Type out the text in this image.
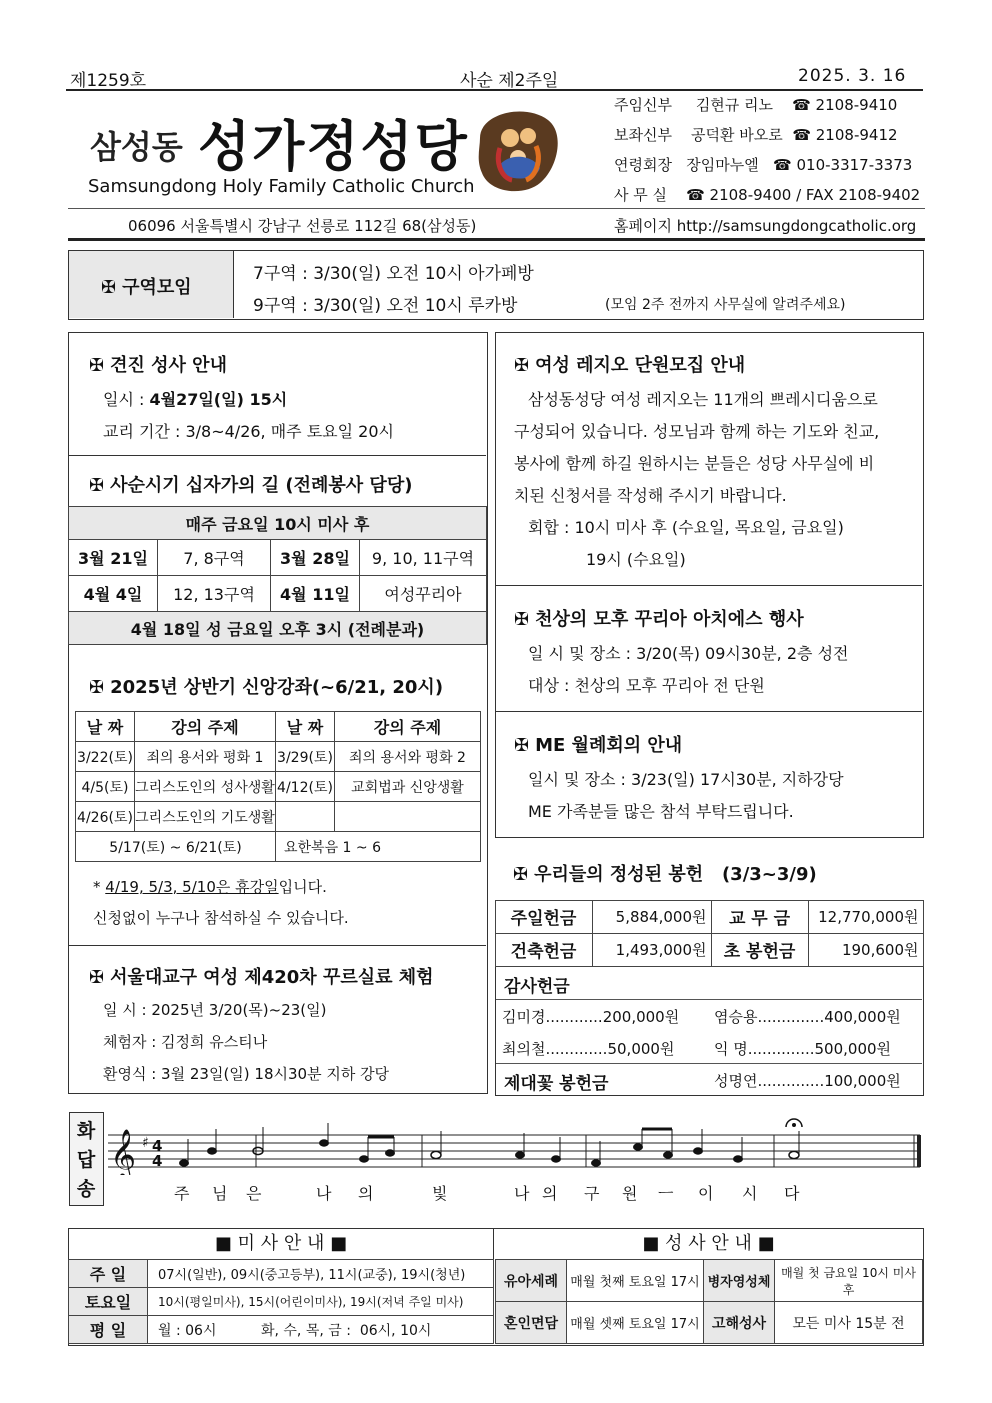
제1259호	사순 제2주일	2025. 3. 16
삼성동 성가정성당
Samsungdong Holy Family Catholic Church
06096 서울특별시 강남구 선릉로 112길 68(삼성동)	홈페이지 http://samsungdongcatholic.org
주임신부 김현규 리노 ☎ 2108-9410
보좌신부 공덕환 바오로 ☎ 2108-9412
연령회장 장임마누엘 ☎ 010-3317-3373
사 무 실 ☎ 2108-9400 / FAX 2108-9402
✠ 구역모임
7구역 : 3/30(일) 오전 10시 아가페방
9구역 : 3/30(일) 오전 10시 루카방	(모임 2주 전까지 사무실에 알려주세요)
✠ 견진 성사 안내
일시 : 4월27일(일) 15시
교리 기간 : 3/8~4/26, 매주 토요일 20시
✠ 사순시기 십자가의 길 (전례봉사 담당)
매주 금요일 10시 미사 후			
3월 21일	7, 8구역	3월 28일	9, 10, 11구역
4월 4일	12, 13구역	4월 11일	여성꾸리아
4월 18일 성 금요일 오후 3시 (전례분과)			
✠ 2025년 상반기 신앙강좌(~6/21, 20시)
날 짜	강의 주제	날 짜	강의 주제
3/22(토)	죄의 용서와 평화 1	3/29(토)	죄의 용서와 평화 2
4/5(토)	그리스도인의 성사생활	4/12(토)	교회법과 신앙생활
4/26(토)	그리스도인의 기도생활		
5/17(토) ~ 6/21(토)		요한복음 1 ~ 6	
* 4/19, 5/3, 5/10은 휴강일입니다.
신청없이 누구나 참석하실 수 있습니다.
✠ 서울대교구 여성 제420차 꾸르실료 체험
일 시 : 2025년 3/20(목)~23(일)
체험자 : 김정희 유스티나
환영식 : 3월 23일(일) 18시30분 지하 강당
✠ 여성 레지오 단원모집 안내
삼성동성당 여성 레지오는 11개의 쁘레시디움으로
구성되어 있습니다. 성모님과 함께 하는 기도와 친교,
봉사에 함께 하길 원하시는 분들은 성당 사무실에 비
치된 신청서를 작성해 주시기 바랍니다.
회합 : 10시 미사 후 (수요일, 목요일, 금요일)
19시 (수요일)
✠ 천상의 모후 꾸리아 아치에스 행사
일 시 및 장소 : 3/20(목) 09시30분, 2층 성전
대상 : 천상의 모후 꾸리아 전 단원
✠ ME 월례회의 안내
일시 및 장소 : 3/23(일) 17시30분, 지하강당
ME 가족분들 많은 참석 부탁드립니다.
✠ 우리들의 정성된 봉헌 (3/3~3/9)
주일헌금	5,884,000원	교 무 금	12,770,000원
건축헌금	1,493,000원	초 봉헌금	190,600원
감사헌금
김미경............200,000원 염승용..............400,000원
최의철.............50,000원	익 명..............500,000원
제대꽃 봉헌금	성명연..............100,000원
화답송
𝄞 ♯ 4
4
주 님 은	나 의	빛	나 의 구 원 ㅡ 이 시 다
■ 미 사 안 내 ■
주 일	07시(일반), 09시(중고등부), 11시(교중), 19시(청년)
토요일	10시(평일미사), 15시(어린이미사), 19시(저녁 주일 미사)
평 일	월 : 06시          화, 수, 목, 금 :  06시, 10시
■ 성 사 안 내 ■
유아세례	매월 첫째 토요일 17시	병자영성체	매월 첫 금요일 10시 미사 후
혼인면담	매월 셋째 토요일 17시	고해성사	모든 미사 15분 전
